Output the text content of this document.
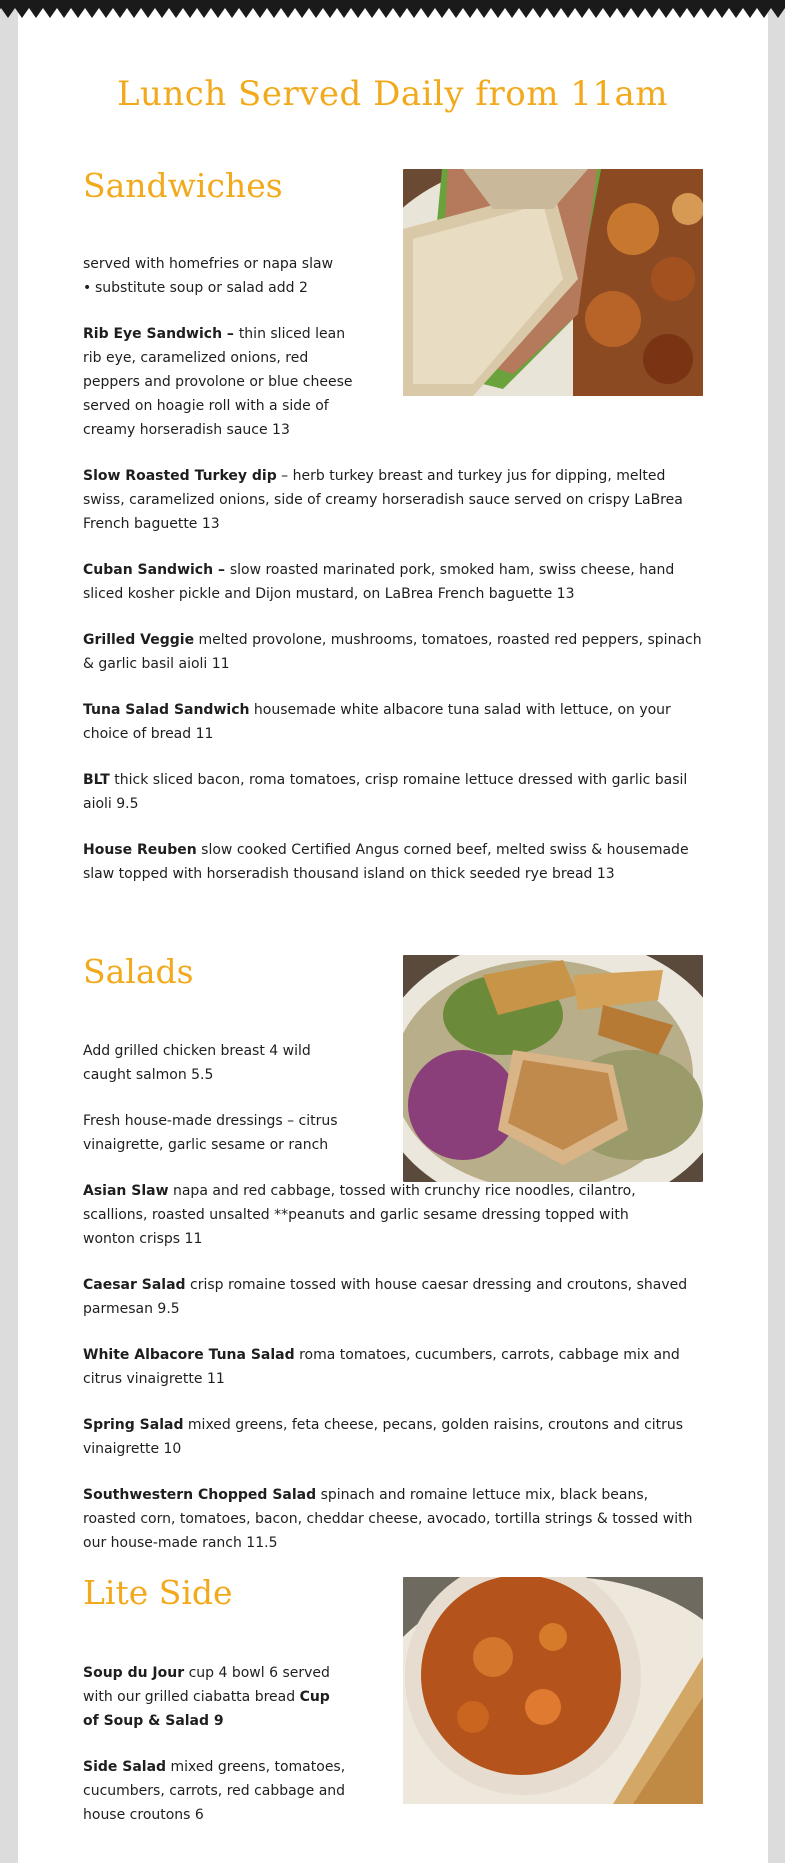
Lunch Served Daily from 11am
Sandwiches

served with homefries or napa slaw

• substitute soup or salad add 2

Rib Eye Sandwich – thin sliced lean rib eye, caramelized onions, red peppers and provolone or blue cheese served on hoagie roll with a side of creamy horseradish sauce 13

Slow Roasted Turkey dip – herb turkey breast and turkey jus for dipping, melted swiss, caramelized onions, side of creamy horseradish sauce served on crispy LaBrea French baguette 13

Cuban Sandwich – slow roasted marinated pork, smoked ham, swiss cheese, hand sliced kosher pickle and Dijon mustard, on LaBrea French baguette 13

Grilled Veggie melted provolone, mushrooms, tomatoes, roasted red peppers, spinach & garlic basil aioli 11

Tuna Salad Sandwich housemade white albacore tuna salad with lettuce, on your choice of bread 11

BLT thick sliced bacon, roma tomatoes, crisp romaine lettuce dressed with garlic basil aioli 9.5

House Reuben slow cooked Certified Angus corned beef, melted swiss & housemade slaw topped with horseradish thousand island on thick seeded rye bread 13

Salads

Add grilled chicken breast 4 wild caught salmon 5.5

Fresh house-made dressings – citrus vinaigrette, garlic sesame or ranch

Asian Slaw napa and red cabbage, tossed with crunchy rice noodles, cilantro, scallions, roasted unsalted **peanuts and garlic sesame dressing topped with wonton crisps 11

Caesar Salad crisp romaine tossed with house caesar dressing and croutons, shaved parmesan 9.5

White Albacore Tuna Salad roma tomatoes, cucumbers, carrots, cabbage mix and citrus vinaigrette 11

Spring Salad mixed greens, feta cheese, pecans, golden raisins, croutons and citrus vinaigrette 10

Southwestern Chopped Salad spinach and romaine lettuce mix, black beans, roasted corn, tomatoes, bacon, cheddar cheese, avocado, tortilla strings & tossed with our house-made ranch 11.5

Lite Side

Soup du Jour cup 4 bowl 6 served with our grilled ciabatta bread Cup of Soup & Salad 9

Side Salad mixed greens, tomatoes, cucumbers, carrots, red cabbage and house croutons 6
